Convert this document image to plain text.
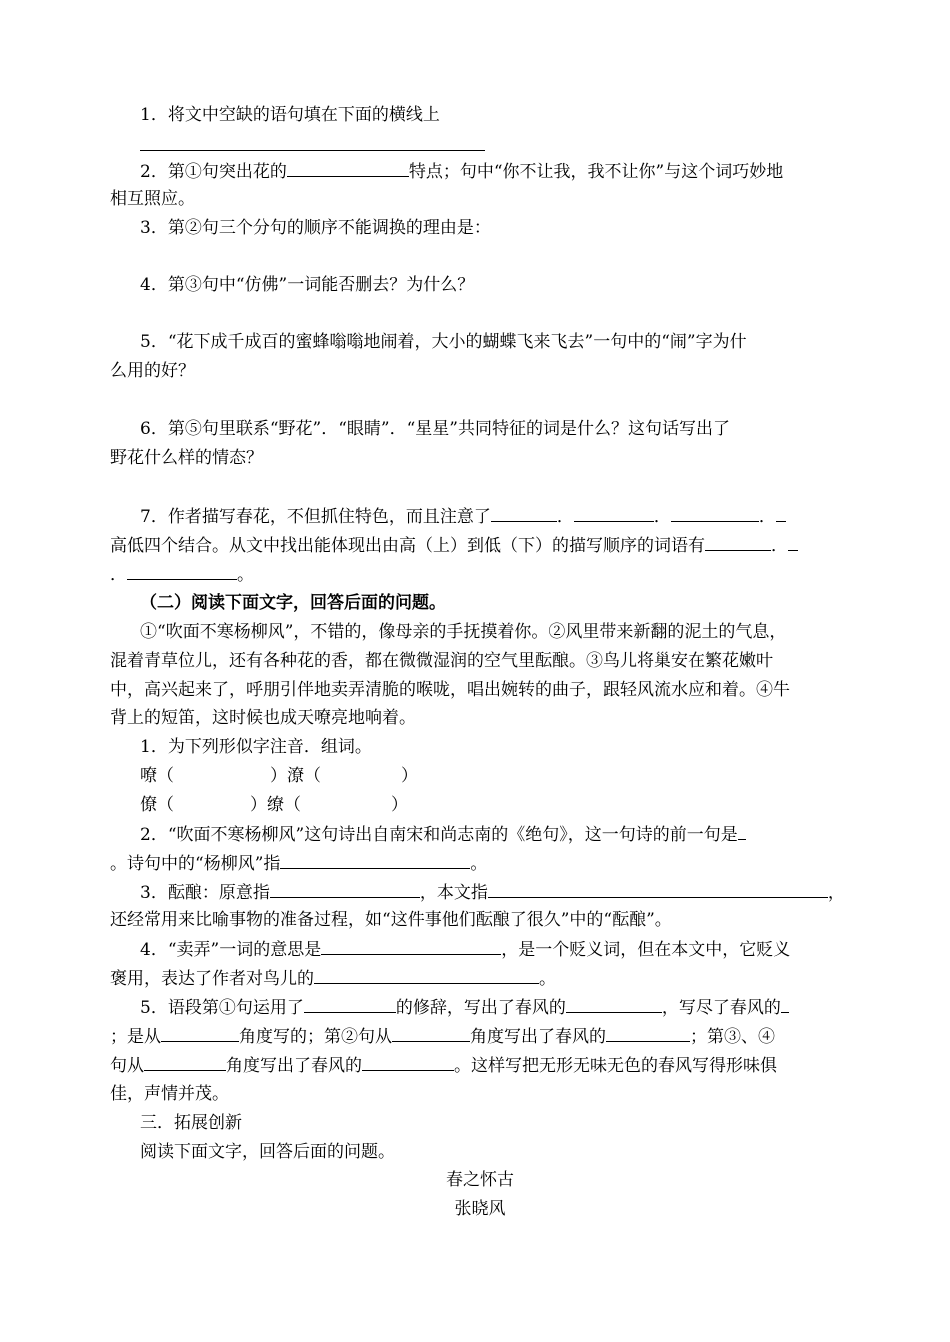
1．将文中空缺的语句填在下面的横线上
2．第①句突出花的	特点；句中“你不让我，我不让你”与这个词巧妙地
相互照应。
3．第②句三个分句的顺序不能调换的理由是：
4．第③句中“仿佛”一词能否删去？为什么？
5．“花下成千成百的蜜蜂嗡嗡地闹着，大小的蝴蝶飞来飞去”一句中的“闹”字为什
么用的好？
6．第⑤句里联系“野花”．“眼睛”．“星星”共同特征的词是什么？这句话写出了
野花什么样的情态？
7．作者描写春花，不但抓住特色，而且注意了	．	．	．
高低四个结合。从文中找出能体现出由高（上）到低（下）的描写顺序的词语有	．
．	。
（二）阅读下面文字，回答后面的问题。
①“吹面不寒杨柳风”，不错的，像母亲的手抚摸着你。②风里带来新翻的泥土的气息，
混着青草位儿，还有各种花的香，都在微微湿润的空气里酝酿。③鸟儿将巢安在繁花嫩叶
中，高兴起来了，呼朋引伴地卖弄清脆的喉咙，唱出婉转的曲子，跟轻风流水应和着。④牛
背上的短笛，这时候也成天嘹亮地响着。
1．为下列形似字注音．组词。
嘹（	）潦（	）
僚（	）缭（	）
2．“吹面不寒杨柳风”这句诗出自南宋和尚志南的《绝句》，这一句诗的前一句是
。诗句中的“杨柳风”指	。
3．酝酿：原意指	，本文指	，
还经常用来比喻事物的准备过程，如“这件事他们酝酿了很久”中的“酝酿”。
4．“卖弄”一词的意思是	，是一个贬义词，但在本文中，它贬义
褒用，表达了作者对鸟儿的	。
5．语段第①句运用了	的修辞，写出了春风的	，写尽了春风的
；是从	角度写的；第②句从	角度写出了春风的	；第③、④
句从	角度写出了春风的	。这样写把无形无味无色的春风写得形味俱
佳，声情并茂。
三．拓展创新
阅读下面文字，回答后面的问题。
春之怀古
张晓风
